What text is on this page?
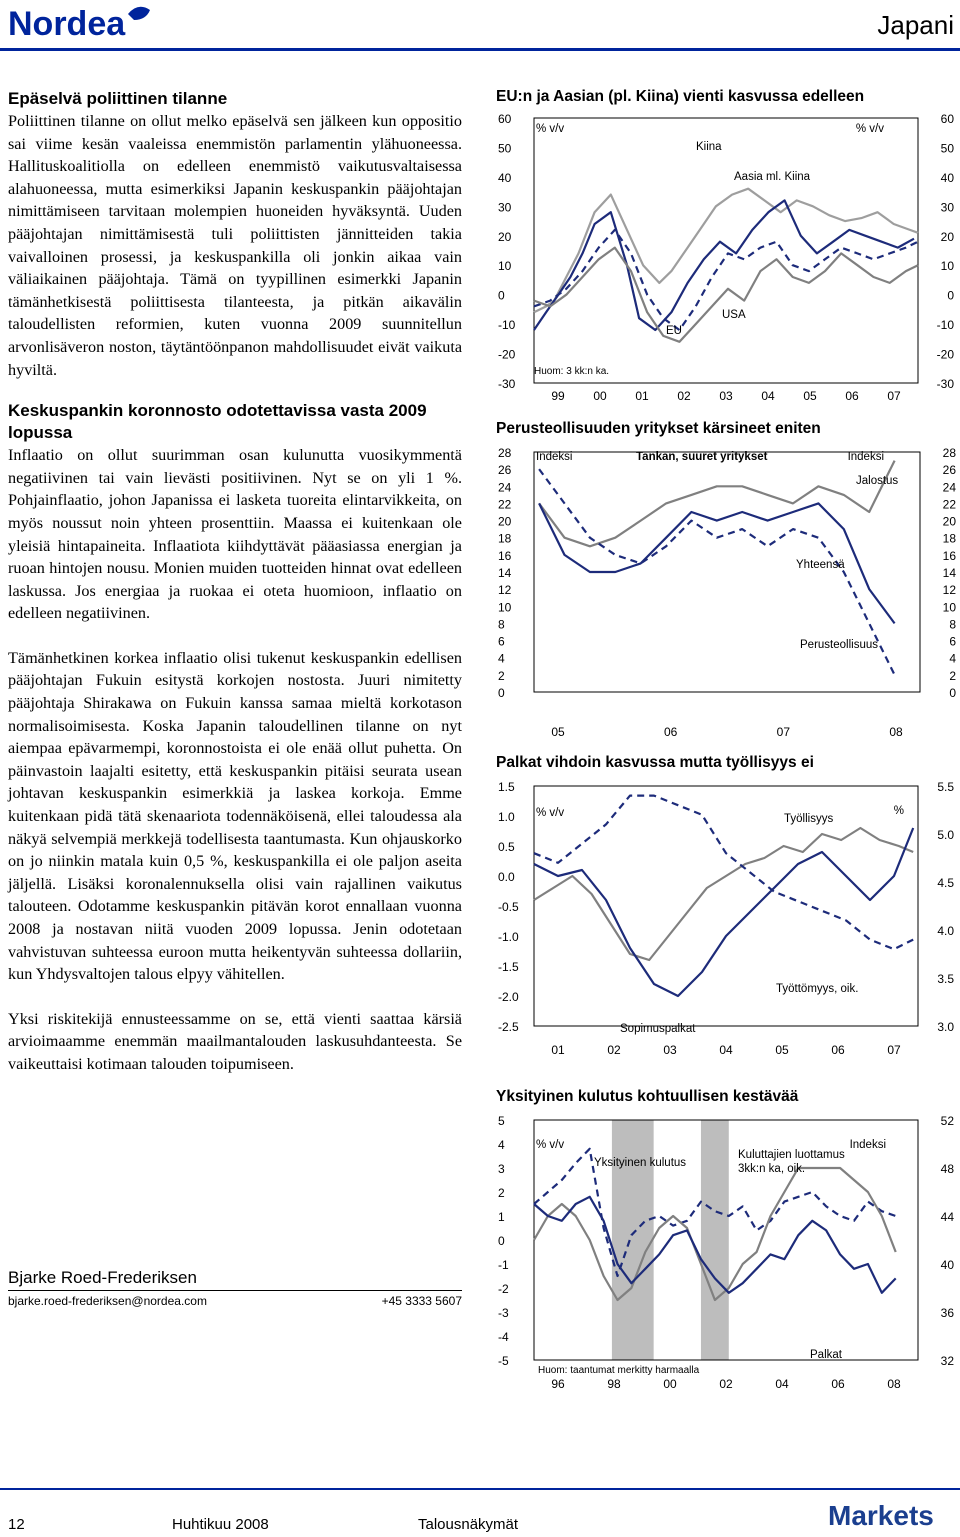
Nordea	Japani
Epäselvä poliittinen tilanne

Poliittinen tilanne on ollut melko epäselvä sen jälkeen kun oppositio sai viime kesän vaaleissa enemmistön parlamentin ylähuoneessa. Hallituskoalitiolla on edelleen enemmistö vaikutusvaltaisessa alahuoneessa, mutta esimerkiksi Japanin keskuspankin pääjohtajan nimittämiseen tarvitaan molempien huoneiden hyväksyntä. Uuden pääjohtajan nimittämisestä tuli poliittisten jännitteiden takia vaivalloinen prosessi, ja keskuspankilla oli jonkin aikaa vain väliaikainen pääjohtaja. Tämä on tyypillinen esimerkki Japanin tämänhetkisestä poliittisesta tilanteesta, ja pitkän aikavälin taloudellisten reformien, kuten vuonna 2009 suunnitellun arvonlisäveron noston, täytäntöönpanon mahdollisuudet eivät vaikuta hyviltä.

Keskuspankin koronnosto odotettavissa vasta 2009 lopussa

Inflaatio on ollut suurimman osan kulunutta vuosikymmentä negatiivinen tai vain lievästi positiivinen. Nyt se on yli 1 %. Pohjainflaatio, johon Japanissa ei lasketa tuoreita elintarvikkeita, on myös noussut noin yhteen prosenttiin. Maassa ei kuitenkaan ole yleisiä hintapaineita. Inflaatiota kiihdyttävät pääasiassa energian ja ruoan hintojen nousu. Monien muiden tuotteiden hinnat ovat edelleen laskussa. Jos energiaa ja ruokaa ei oteta huomioon, inflaatio on edelleen negatiivinen.

Tämänhetkinen korkea inflaatio olisi tukenut keskuspankin edellisen pääjohtajan Fukuin esitystä korkojen nostosta. Juuri nimitetty pääjohtaja Shirakawa on Fukuin kanssa samaa mieltä korkotason normalisoimisesta. Koska Japanin taloudellinen tilanne on nyt aiempaa epävarmempi, koronnostoista ei ole enää ollut puhetta. On päinvastoin laajalti esitetty, että keskuspankin pitäisi seurata usean johtavan keskuspankin esimerkkiä ja laskea korkoja. Emme kuitenkaan pidä tätä skenaariota todennäköisenä, ellei taloudessa ala näkyä selvempiä merkkejä todellisesta taantumasta. Kun ohjauskorko on jo niinkin matala kuin 0,5 %, keskuspankilla ei ole paljon aseita jäljellä. Lisäksi koronalennuksella olisi vain rajallinen vaikutus talouteen. Odotamme keskuspankin pitävän korot ennallaan vuonna 2008 ja nostavan niitä vuoden 2009 lopussa. Jenin odotetaan vahvistuvan suhteessa euroon mutta heikentyvän suhteessa dollariin, kun Yhdysvaltojen talous elpyy vähitellen.

Yksi riskitekijä ennusteessamme on se, että vienti saattaa kärsiä arvioimaamme enemmän maailmantalouden laskusuhdanteesta. Se vaikeuttaisi kotimaan talouden toipumiseen.

Bjarke Roed-Frederiksen
bjarke.roed-frederiksen@nordea.com	+45 3333 5607
EU:n ja Aasian (pl. Kiina) vienti kasvussa edelleen
60
50
40
30
20
10
0
-10
-20
-30
60
50
40
30
20
10
0
-10
-20
-30
99 00 01 02 03 04 05 06 07
% v/v	% v/v
Huom: 3 kk:n ka.
Kiina
Aasia ml. Kiina
EU
USA
Perusteollisuuden yritykset kärsineet eniten
28
26
24
22
20
18
16
14
12
10
8
6
4
2
0
28
26
24
22
20
18
16
14
12
10
8
6
4
2
0
05	06	07	08
Indeksi	Indeksi
Tankan, suuret yritykset
Jalostus
Yhteensä
Perusteollisuus
Palkat vihdoin kasvussa mutta työllisyys ei
1.5
1.0
0.5
0.0
-0.5
-1.0
-1.5
-2.0
-2.5
5.5
5.0
4.5
4.0
3.5
3.0
01	02	03	04	05	06	07
% v/v	%
Työllisyys
Työttömyys, oik.
Sopimuspalkat
Yksityinen kulutus kohtuullisen kestävää
5
4
3
2
1
0
-1
-2
-3
-4
-5
52
48
44
40
36
32
96	98	00	02	04	06	08
% v/v	Indeksi
Huom: taantumat merkitty harmaalla
Yksityinen kulutus
Kuluttajien luottamus
3kk:n ka, oik.
Palkat
12	Huhtikuu 2008	Talousnäkymät	Markets
